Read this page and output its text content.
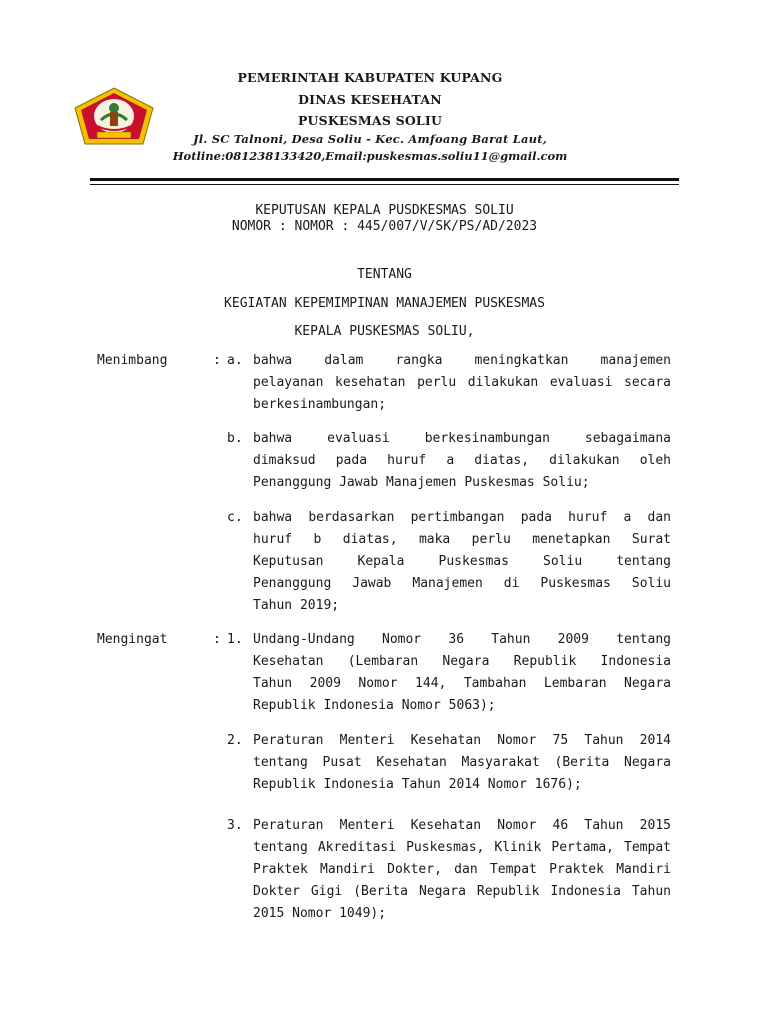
PEMERINTAH KABUPATEN KUPANG
DINAS KESEHATAN
PUSKESMAS SOLIU
Jl. SC Talnoni, Desa Soliu - Kec. Amfoang Barat Laut,
Hotline:081238133420,Email:puskesmas.soliu11@gmail.com
KEPUTUSAN KEPALA PUSDKESMAS SOLIU
NOMOR : NOMOR : 445/007/V/SK/PS/AD/2023
TENTANG
KEGIATAN KEPEMIMPINAN MANAJEMEN PUSKESMAS
KEPALA PUSKESMAS SOLIU,
Menimbang	: a. bahwa dalam rangka meningkatkan manajemen
pelayanan kesehatan perlu dilakukan evaluasi secara
berkesinambungan;
b. bahwa evaluasi berkesinambungan sebagaimana
dimaksud pada huruf a diatas, dilakukan oleh
Penanggung Jawab Manajemen Puskesmas Soliu;
c. bahwa berdasarkan pertimbangan pada huruf a dan
huruf b diatas, maka perlu menetapkan Surat
Keputusan Kepala Puskesmas Soliu tentang
Penanggung Jawab Manajemen di Puskesmas Soliu
Tahun 2019;
Mengingat	: 1. Undang-Undang Nomor 36 Tahun 2009 tentang
Kesehatan (Lembaran Negara Republik Indonesia
Tahun 2009 Nomor 144, Tambahan Lembaran Negara
Republik Indonesia Nomor 5063);
2. Peraturan Menteri Kesehatan Nomor 75 Tahun 2014
tentang Pusat Kesehatan Masyarakat (Berita Negara
Republik Indonesia Tahun 2014 Nomor 1676);
3. Peraturan Menteri Kesehatan Nomor 46 Tahun 2015
tentang Akreditasi Puskesmas, Klinik Pertama, Tempat
Praktek Mandiri Dokter, dan Tempat Praktek Mandiri
Dokter Gigi (Berita Negara Republik Indonesia Tahun
2015 Nomor 1049);
